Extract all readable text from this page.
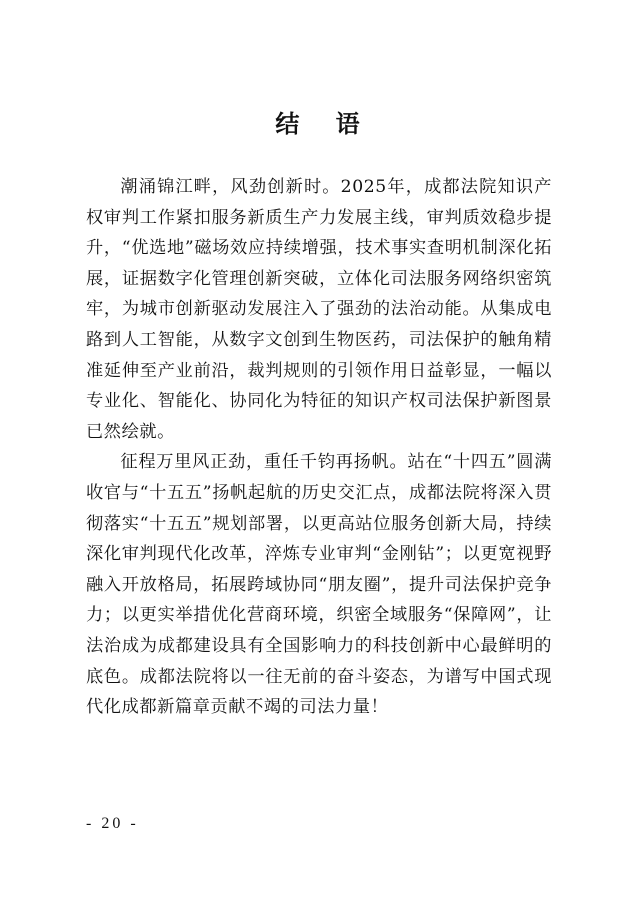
结 语

潮涌锦江畔，风劲创新时。2025年，成都法院知识产权审判工作紧扣服务新质生产力发展主线，审判质效稳步提升，“优选地”磁场效应持续增强，技术事实查明机制深化拓展，证据数字化管理创新突破，立体化司法服务网络织密筑牢，为城市创新驱动发展注入了强劲的法治动能。从集成电路到人工智能，从数字文创到生物医药，司法保护的触角精准延伸至产业前沿，裁判规则的引领作用日益彰显，一幅以专业化、智能化、协同化为特征的知识产权司法保护新图景已然绘就。

征程万里风正劲，重任千钧再扬帆。站在“十四五”圆满收官与“十五五”扬帆起航的历史交汇点，成都法院将深入贯彻落实“十五五”规划部署，以更高站位服务创新大局，持续深化审判现代化改革，淬炼专业审判“金刚钻”；以更宽视野融入开放格局，拓展跨域协同“朋友圈”，提升司法保护竞争力；以更实举措优化营商环境，织密全域服务“保障网”，让法治成为成都建设具有全国影响力的科技创新中心最鲜明的底色。成都法院将以一往无前的奋斗姿态，为谱写中国式现代化成都新篇章贡献不竭的司法力量！

- 20 -
